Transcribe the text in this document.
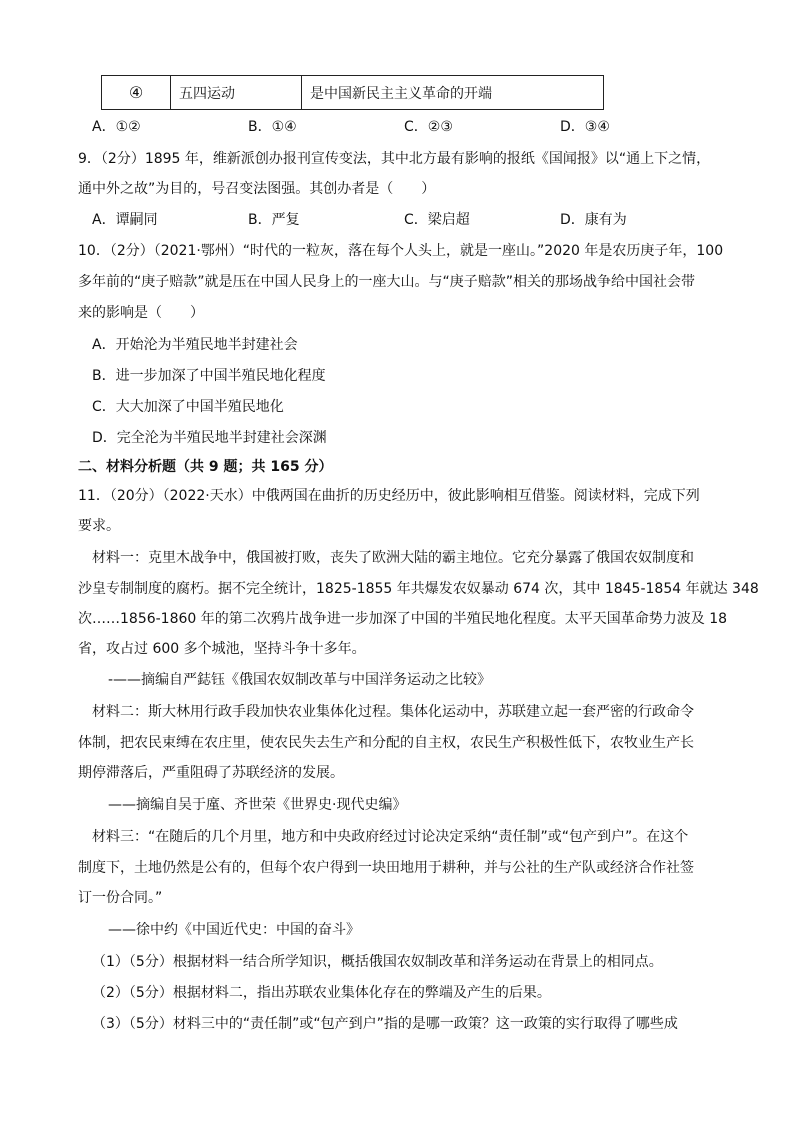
④	五四运动	是中国新民主主义革命的开端
A．①②	B．①④	C．②③	D．③④
9．（2分）1895 年，维新派创办报刊宣传变法，其中北方最有影响的报纸《国闻报》以“通上下之情，
通中外之故”为目的，号召变法图强。其创办者是（　　）
A．谭嗣同	B．严复	C．梁启超	D．康有为
10．（2分）（2021·鄂州）“时代的一粒灰，落在每个人头上，就是一座山。”2020 年是农历庚子年，100
多年前的“庚子赔款”就是压在中国人民身上的一座大山。与“庚子赔款”相关的那场战争给中国社会带
来的影响是（　　）
A．开始沦为半殖民地半封建社会
B．进一步加深了中国半殖民地化程度
C．大大加深了中国半殖民地化
D．完全沦为半殖民地半封建社会深渊
二、材料分析题（共 9 题；共 165 分）
11．（20分）（2022·天水）中俄两国在曲折的历史经历中，彼此影响相互借鉴。阅读材料，完成下列
要求。
材料一：克里木战争中，俄国被打败，丧失了欧洲大陆的霸主地位。它充分暴露了俄国农奴制度和
沙皇专制制度的腐朽。据不完全统计，1825-1855 年共爆发农奴暴动 674 次，其中 1845-1854 年就达 348
次……1856-1860 年的第二次鸦片战争进一步加深了中国的半殖民地化程度。太平天国革命势力波及 18
省，攻占过 600 多个城池，坚持斗争十多年。
-——摘编自严鋕钰《俄国农奴制改革与中国洋务运动之比较》
材料二：斯大林用行政手段加快农业集体化过程。集体化运动中，苏联建立起一套严密的行政命令
体制，把农民束缚在农庄里，使农民失去生产和分配的自主权，农民生产积极性低下，农牧业生产长
期停滞落后，严重阻碍了苏联经济的发展。
——摘编自吴于廑、齐世荣《世界史·现代史编》
材料三：“在随后的几个月里，地方和中央政府经过讨论决定采纳“责任制”或“包产到户”。在这个
制度下，土地仍然是公有的，但每个农户得到一块田地用于耕种，并与公社的生产队或经济合作社签
订一份合同。”
——徐中约《中国近代史：中国的奋斗》
（1）（5分）根据材料一结合所学知识，概括俄国农奴制改革和洋务运动在背景上的相同点。
（2）（5分）根据材料二，指出苏联农业集体化存在的弊端及产生的后果。
（3）（5分）材料三中的“责任制”或“包产到户”指的是哪一政策？这一政策的实行取得了哪些成
